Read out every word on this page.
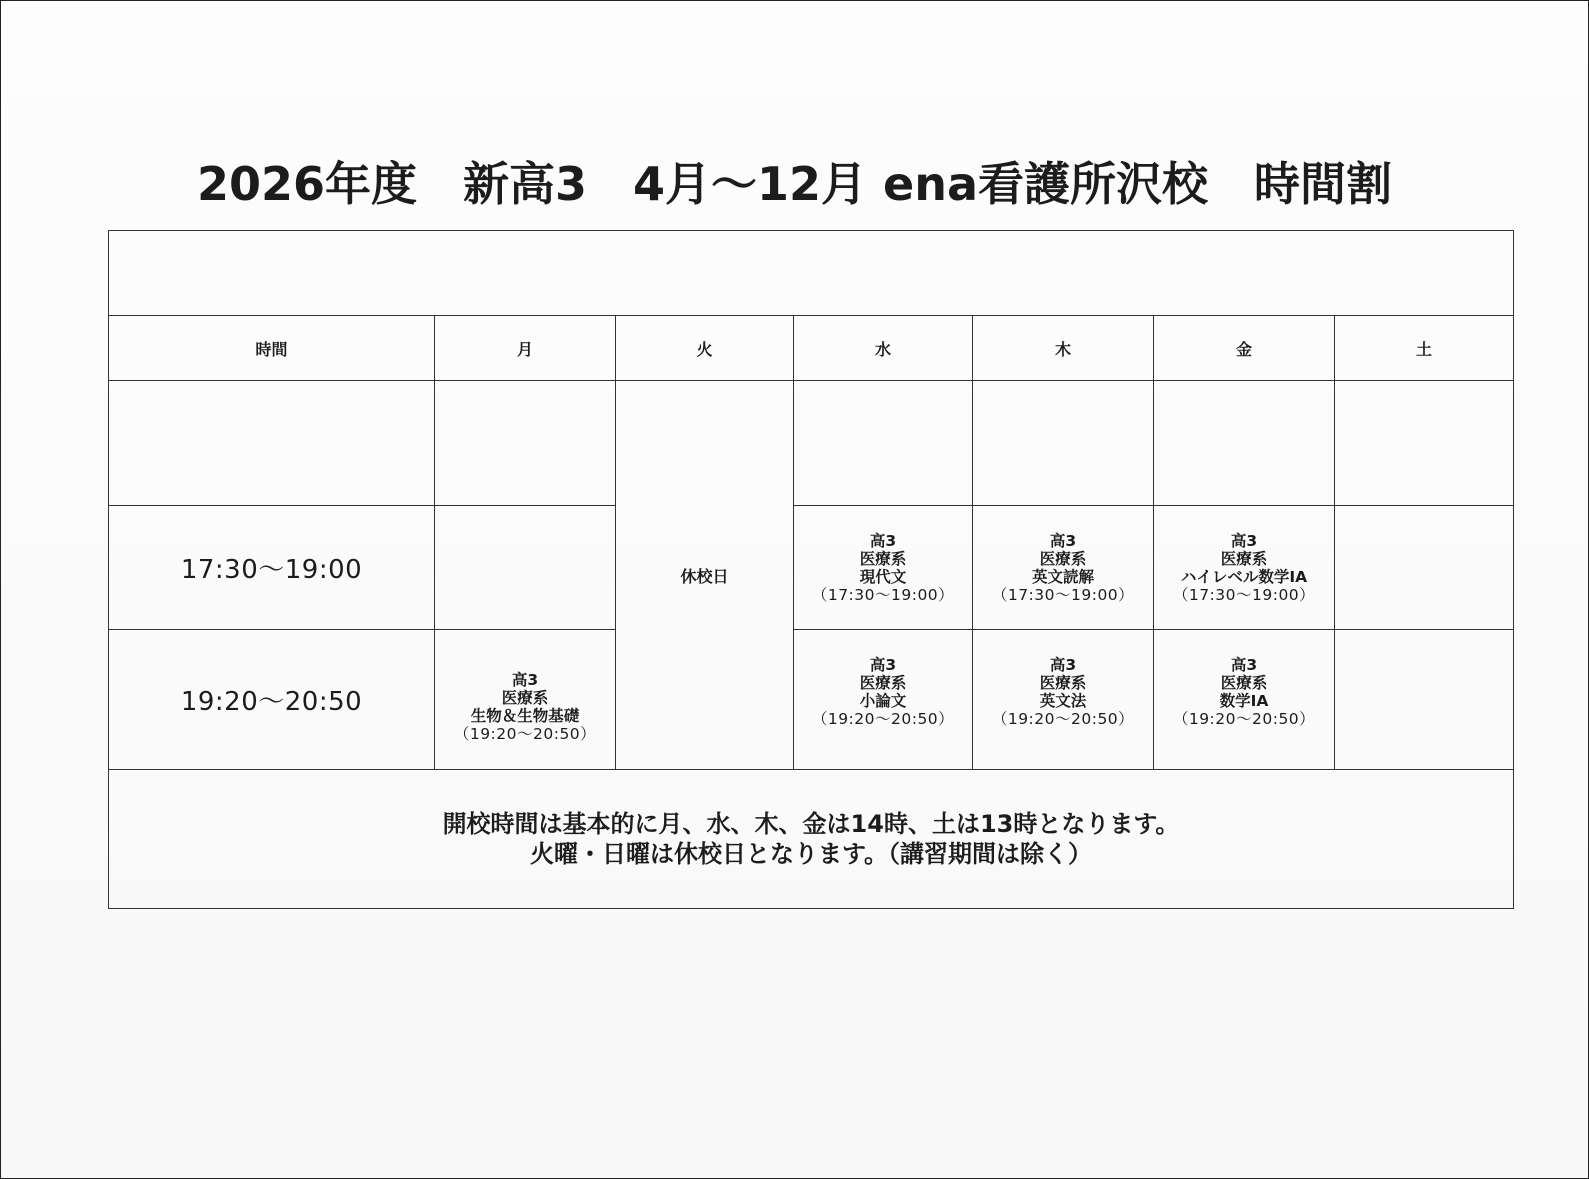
2026年度　新高3　4月～12月 ena看護所沢校　時間割

時間	月	火	水	木	金	土
		休校日				
17:30～19:00			高3
医療系
現代文
（17:30～19:00）	高3
医療系
英文読解
（17:30～19:00）	高3
医療系
ハイレベル数学ⅠA
（17:30～19:00）	

19:20～20:50	高3
医療系
生物＆生物基礎
（19:20～20:50）		高3
医療系
小論文
（19:20～20:50）	高3
医療系
英文法
（19:20～20:50）	高3
医療系
数学ⅠA
（19:20～20:50）	

開校時間は基本的に月、水、木、金は14時、土は13時となります。
火曜・日曜は休校日となります。（講習期間は除く）						
